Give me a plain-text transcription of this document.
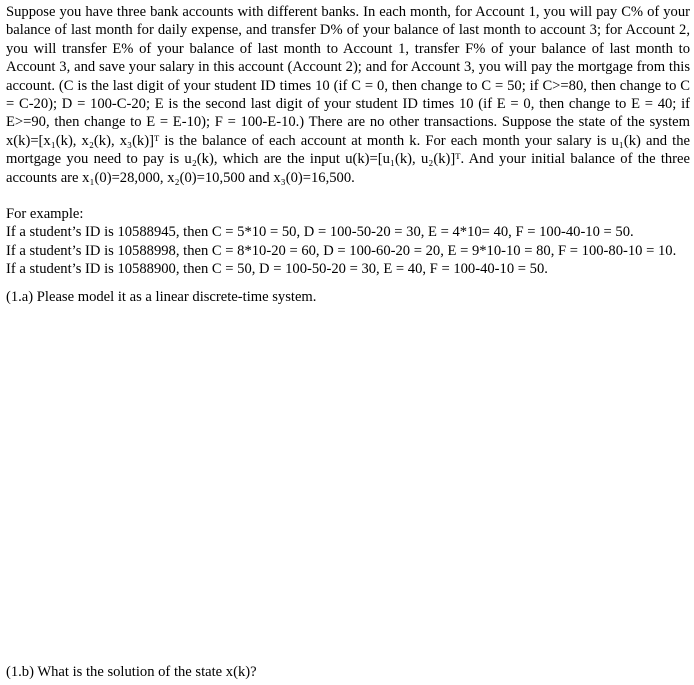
Suppose you have three bank accounts with different banks. In each month, for Account 1, you will pay C% of your balance of last month for daily expense, and transfer D% of your balance of last month to account 3; for Account 2, you will transfer E% of your balance of last month to Account 1, transfer F% of your balance of last month to Account 3, and save your salary in this account (Account 2); and for Account 3, you will pay the mortgage from this account. (C is the last digit of your student ID times 10 (if C = 0, then change to C = 50; if C>=80, then change to C = C-20); D = 100-C-20; E is the second last digit of your student ID times 10 (if E = 0, then change to E = 40; if E>=90, then change to E = E-10); F = 100-E-10.) There are no other transactions. Suppose the state of the system x(k)=[x₁(k), x₂(k), x₃(k)]ᵀ is the balance of each account at month k. For each month your salary is u₁(k) and the mortgage you need to pay is u₂(k), which are the input u(k)=[u₁(k), u₂(k)]ᵀ. And your initial balance of the three accounts are x₁(0)=28,000, x₂(0)=10,500 and x₃(0)=16,500.

For example:

If a student’s ID is 10588945, then C = 5*10 = 50, D = 100-50-20 = 30, E = 4*10= 40, F = 100-40-10 = 50.

If a student’s ID is 10588998, then C = 8*10-20 = 60, D = 100-60-20 = 20, E = 9*10-10 = 80, F = 100-80-10 = 10.

If a student’s ID is 10588900, then C = 50, D = 100-50-20 = 30, E = 40, F = 100-40-10 = 50.

(1.a) Please model it as a linear discrete-time system.

(1.b) What is the solution of the state x(k)?
